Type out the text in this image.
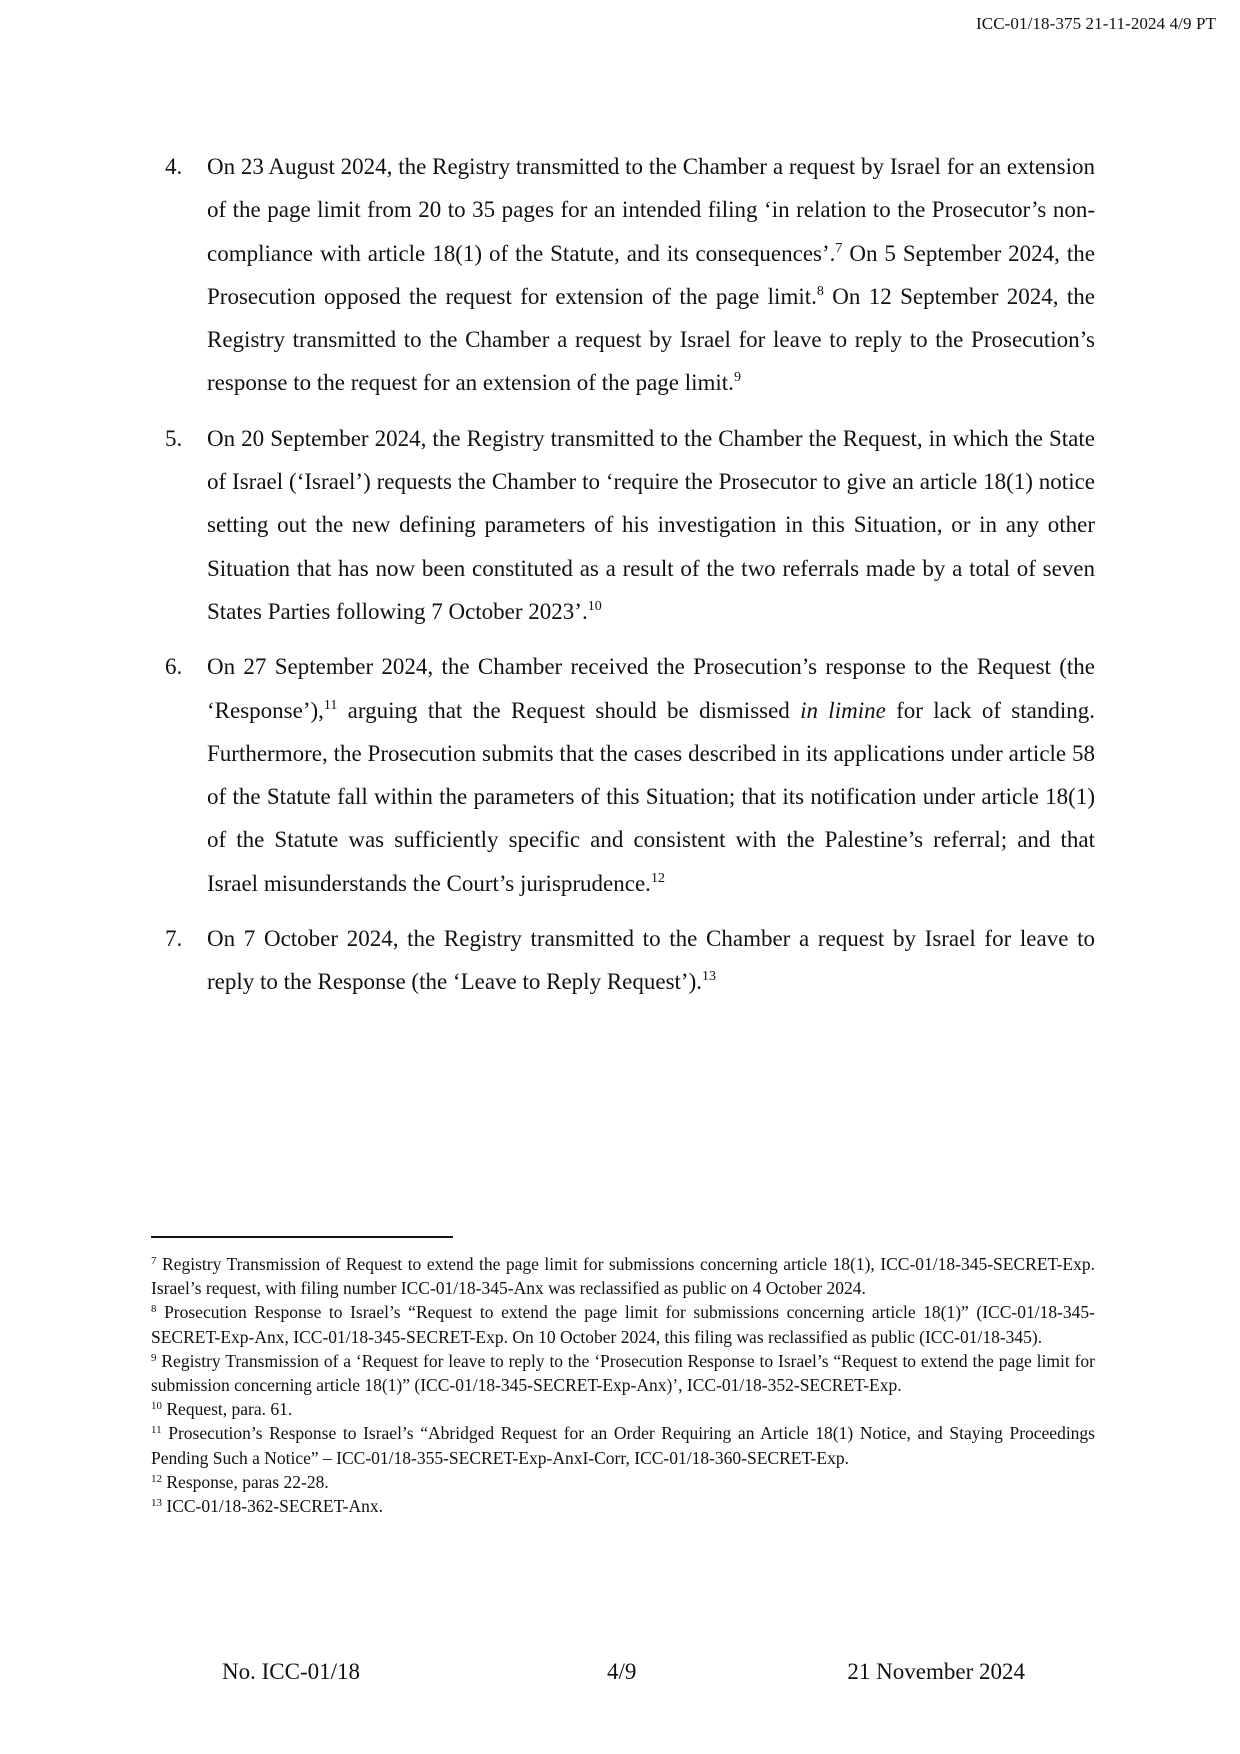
ICC-01/18-375 21-11-2024 4/9 PT
4. On 23 August 2024, the Registry transmitted to the Chamber a request by Israel for an extension of the page limit from 20 to 35 pages for an intended filing ‘in relation to the Prosecutor’s non-compliance with article 18(1) of the Statute, and its consequences’.$^7$ On 5 September 2024, the Prosecution opposed the request for extension of the page limit.$^8$ On 12 September 2024, the Registry transmitted to the Chamber a request by Israel for leave to reply to the Prosecution’s response to the request for an extension of the page limit.$^9$
5. On 20 September 2024, the Registry transmitted to the Chamber the Request, in which the State of Israel (‘Israel’) requests the Chamber to ‘require the Prosecutor to give an article 18(1) notice setting out the new defining parameters of his investigation in this Situation, or in any other Situation that has now been constituted as a result of the two referrals made by a total of seven States Parties following 7 October 2023’.$^{10}$
6. On 27 September 2024, the Chamber received the Prosecution’s response to the Request (the ‘Response’),$^{11}$ arguing that the Request should be dismissed in limine for lack of standing. Furthermore, the Prosecution submits that the cases described in its applications under article 58 of the Statute fall within the parameters of this Situation; that its notification under article 18(1) of the Statute was sufficiently specific and consistent with the Palestine’s referral; and that Israel misunderstands the Court’s jurisprudence.$^{12}$
7. On 7 October 2024, the Registry transmitted to the Chamber a request by Israel for leave to reply to the Response (the ‘Leave to Reply Request’).$^{13}$

$^7$ Registry Transmission of Request to extend the page limit for submissions concerning article 18(1), ICC-01/18-345-SECRET-Exp. Israel’s request, with filing number ICC-01/18-345-Anx was reclassified as public on 4 October 2024.

$^8$ Prosecution Response to Israel’s “Request to extend the page limit for submissions concerning article 18(1)” (ICC-01/18-345-SECRET-Exp-Anx, ICC-01/18-345-SECRET-Exp. On 10 October 2024, this filing was reclassified as public (ICC-01/18-345).

$^9$ Registry Transmission of a ‘Request for leave to reply to the ‘Prosecution Response to Israel’s “Request to extend the page limit for submission concerning article 18(1)” (ICC-01/18-345-SECRET-Exp-Anx)’, ICC-01/18-352-SECRET-Exp.

$^{10}$ Request, para. 61.

$^{11}$ Prosecution’s Response to Israel’s “Abridged Request for an Order Requiring an Article 18(1) Notice, and Staying Proceedings Pending Such a Notice” – ICC-01/18-355-SECRET-Exp-AnxI-Corr, ICC-01/18-360-SECRET-Exp.

$^{12}$ Response, paras 22-28.

$^{13}$ ICC-01/18-362-SECRET-Anx.

No. ICC-01/18	4/9	21 November 2024
